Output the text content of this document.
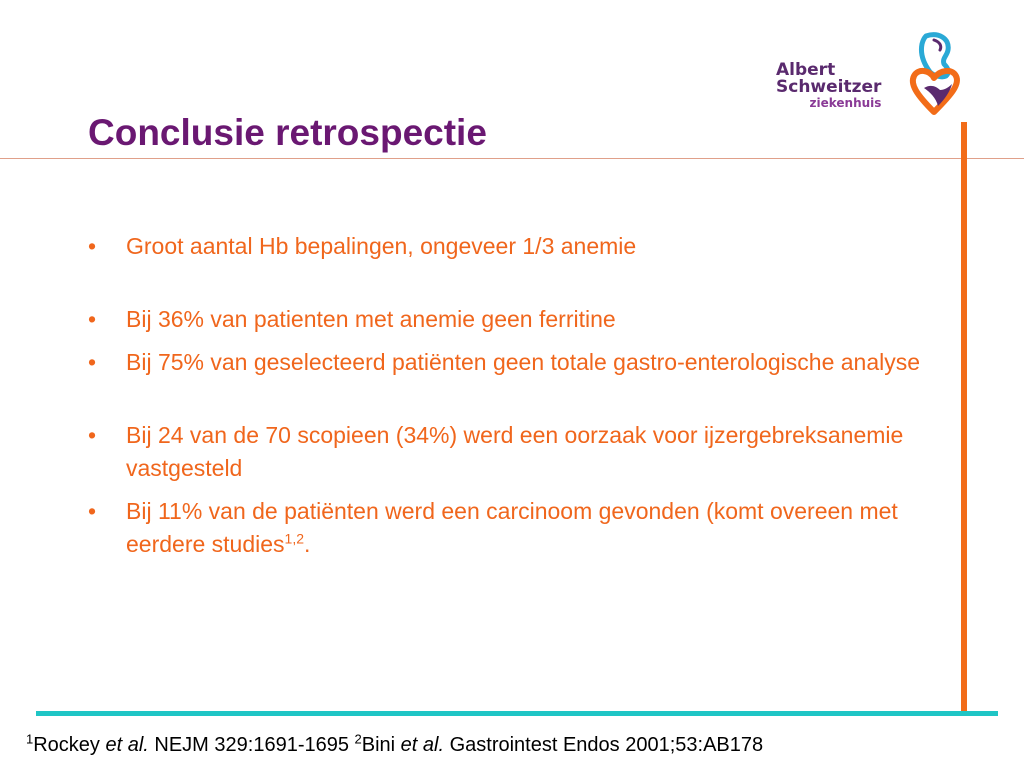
Albert
Schweitzer
ziekenhuis
Conclusie retrospectie
• Groot aantal Hb bepalingen, ongeveer 1/3 anemie
• Bij 36% van patienten met anemie geen ferritine
• Bij 75% van geselecteerd patiënten geen totale gastro-enterologische analyse
• Bij 24 van de 70 scopieen (34%) werd een oorzaak voor ijzergebreksanemie vastgesteld
• Bij 11% van de patiënten werd een carcinoom gevonden (komt overeen met eerdere studies$^{1,2}$.
$^1$Rockey et al. NEJM 329:1691-1695 $^2$Bini et al. Gastrointest Endos 2001;53:AB178
